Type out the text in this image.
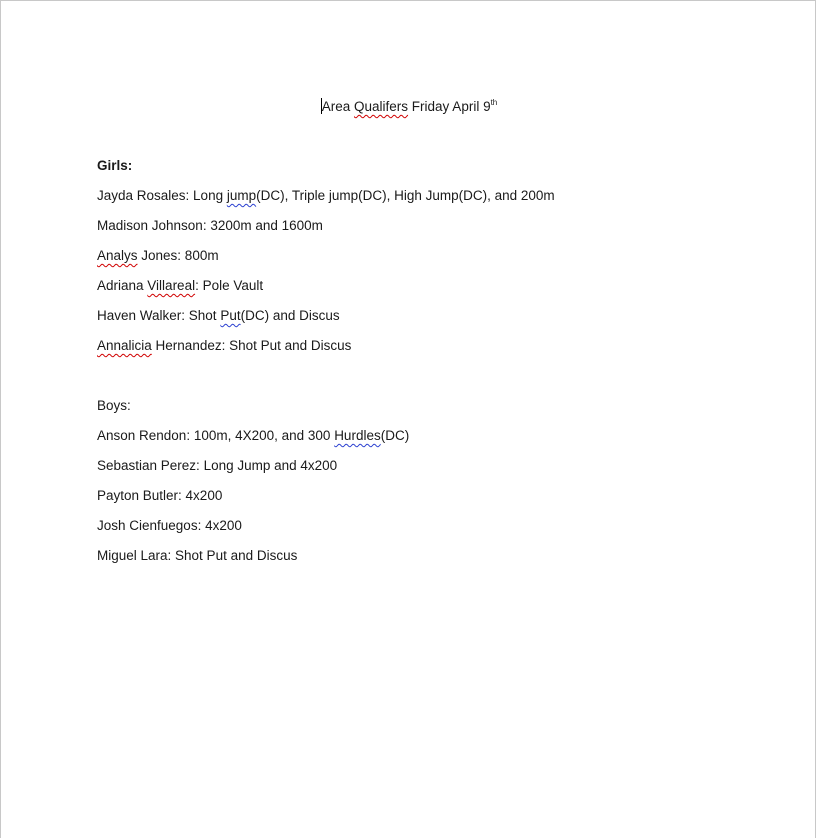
Area Qualifers Friday April 9th
Girls:
Jayda Rosales: Long jump(DC), Triple jump(DC), High Jump(DC), and 200m
Madison Johnson: 3200m and 1600m
Analys Jones: 800m
Adriana Villareal: Pole Vault
Haven Walker: Shot Put(DC) and Discus
Annalicia Hernandez: Shot Put and Discus
Boys:
Anson Rendon: 100m, 4X200, and 300 Hurdles(DC)
Sebastian Perez: Long Jump and 4x200
Payton Butler: 4x200
Josh Cienfuegos: 4x200
Miguel Lara: Shot Put and Discus
